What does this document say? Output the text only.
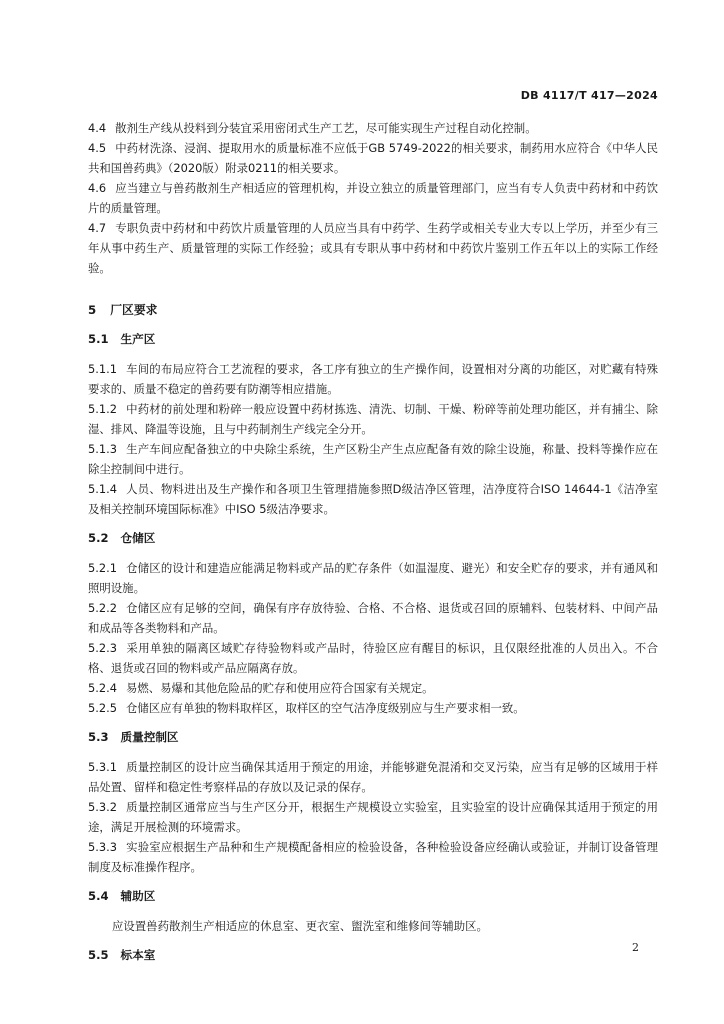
DB 4117/T 417—2024

4.4 散剂生产线从投料到分装宜采用密闭式生产工艺，尽可能实现生产过程自动化控制。

4.5 中药材洗涤、浸润、提取用水的质量标准不应低于GB 5749-2022的相关要求，制药用水应符合《中华人民共和国兽药典》（2020版）附录0211的相关要求。

4.6 应当建立与兽药散剂生产相适应的管理机构，并设立独立的质量管理部门，应当有专人负责中药材和中药饮片的质量管理。

4.7 专职负责中药材和中药饮片质量管理的人员应当具有中药学、生药学或相关专业大专以上学历，并至少有三年从事中药生产、质量管理的实际工作经验；或具有专职从事中药材和中药饮片鉴别工作五年以上的实际工作经验。

5 厂区要求
5.1 生产区

5.1.1 车间的布局应符合工艺流程的要求，各工序有独立的生产操作间，设置相对分离的功能区，对贮藏有特殊要求的、质量不稳定的兽药要有防潮等相应措施。

5.1.2 中药材的前处理和粉碎一般应设置中药材拣选、清洗、切制、干燥、粉碎等前处理功能区，并有捕尘、除湿、排风、降温等设施，且与中药制剂生产线完全分开。

5.1.3 生产车间应配备独立的中央除尘系统，生产区粉尘产生点应配备有效的除尘设施，称量、投料等操作应在除尘控制间中进行。

5.1.4 人员、物料进出及生产操作和各项卫生管理措施参照D级洁净区管理，洁净度符合ISO 14644-1《洁净室及相关控制环境国际标准》中ISO 5级洁净要求。

5.2 仓储区

5.2.1 仓储区的设计和建造应能满足物料或产品的贮存条件（如温湿度、避光）和安全贮存的要求，并有通风和照明设施。

5.2.2 仓储区应有足够的空间，确保有序存放待验、合格、不合格、退货或召回的原辅料、包装材料、中间产品和成品等各类物料和产品。

5.2.3 采用单独的隔离区域贮存待验物料或产品时，待验区应有醒目的标识，且仅限经批准的人员出入。不合格、退货或召回的物料或产品应隔离存放。

5.2.4 易燃、易爆和其他危险品的贮存和使用应符合国家有关规定。

5.2.5 仓储区应有单独的物料取样区，取样区的空气洁净度级别应与生产要求相一致。

5.3 质量控制区

5.3.1 质量控制区的设计应当确保其适用于预定的用途，并能够避免混淆和交叉污染，应当有足够的区域用于样品处置、留样和稳定性考察样品的存放以及记录的保存。

5.3.2 质量控制区通常应当与生产区分开，根据生产规模设立实验室，且实验室的设计应确保其适用于预定的用途，满足开展检测的环境需求。

5.3.3 实验室应根据生产品种和生产规模配备相应的检验设备，各种检验设备应经确认或验证，并制订设备管理制度及标准操作程序。

5.4 辅助区

应设置兽药散剂生产相适应的休息室、更衣室、盥洗室和维修间等辅助区。

5.5 标本室
2
